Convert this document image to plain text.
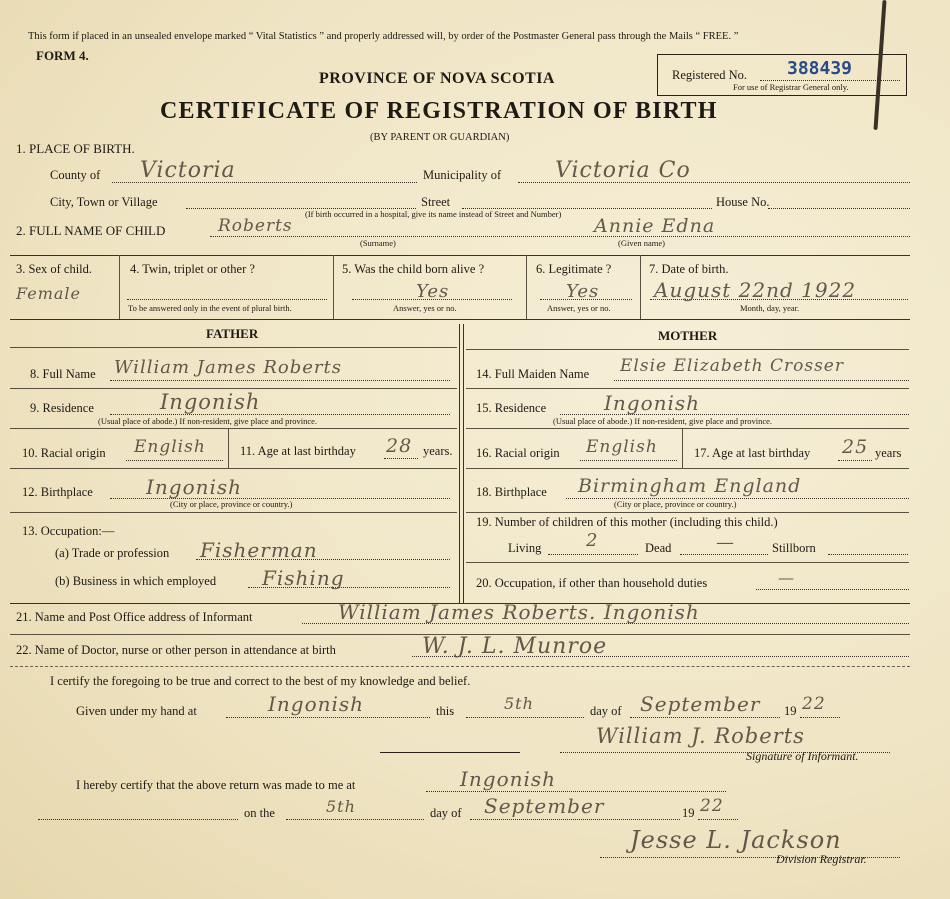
This form if placed in an unsealed envelope marked “ Vital Statistics ” and properly addressed will, by order of the Postmaster General pass through the Mails “ FREE. ”
FORM 4.
PROVINCE OF NOVA SCOTIA
CERTIFICATE OF REGISTRATION OF BIRTH
(BY PARENT OR GUARDIAN)
Registered No. 388439
For use of Registrar General only.
1. PLACE OF BIRTH.
County of Victoria	Municipality of Victoria Co
City, Town or Village	Street	House No.
(If birth occurred in a hospital, give its name instead of Street and Number)
2. FULL NAME OF CHILD	Roberts	Annie Edna
(Surname)	(Given name)
3. Sex of child.
Female
4. Twin, triplet or other ?
To be answered only in the event of plural birth.
5. Was the child born alive ?
Yes
Answer, yes or no.
6. Legitimate ?
Yes
Answer, yes or no.
7. Date of birth.
August 22nd 1922
Month, day, year.
FATHER	MOTHER
8. Full Name William James Roberts
9. Residence	Ingonish
(Usual place of abode.) If non-resident, give place and province.
10. Racial origin English	11. Age at last birthday 28 years.
12. Birthplace	Ingonish
(City or place, province or country.)
13. Occupation:—
(a) Trade or profession Fisherman
(b) Business in which employed Fishing
14. Full Maiden Name Elsie Elizabeth Crosser
15. Residence	Ingonish
(Usual place of abode.) If non-resident, give place and province.
16. Racial origin English	17. Age at last birthday 25 years
18. Birthplace Birmingham England
(City or place, province or country.)
19. Number of children of this mother (including this child.)
Living 2	Dead —	Stillborn
20. Occupation, if other than household duties	—
21. Name and Post Office address of Informant	William James Roberts. Ingonish
22. Name of Doctor, nurse or other person in attendance at birth	W. J. L. Munroe
I certify the foregoing to be true and correct to the best of my knowledge and belief.
Given under my hand at	Ingonish	this	5th	day of September 19 22
William J. Roberts
Signature of Informant.
I hereby certify that the above return was made to me at	Ingonish
on the	5th	day of September	19 22
Jesse L. Jackson
Division Registrar.
